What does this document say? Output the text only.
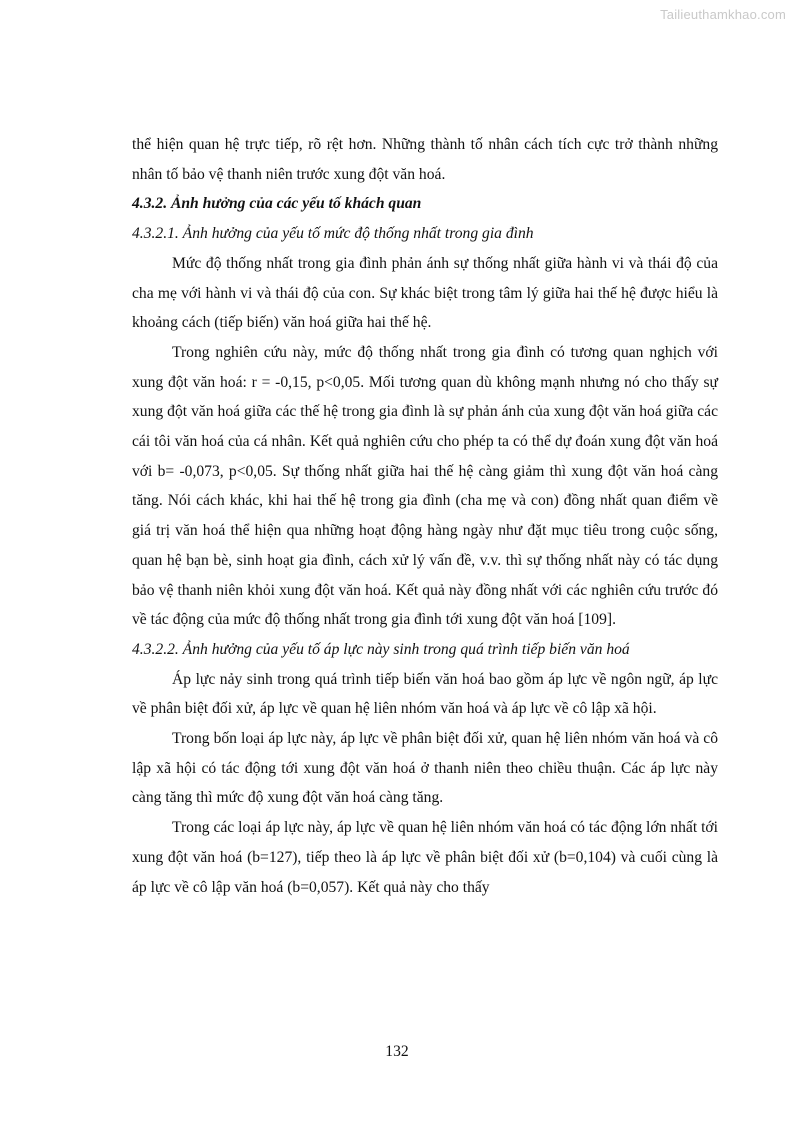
Tailieuthamkhao.com

thể hiện quan hệ trực tiếp, rõ rệt hơn. Những thành tố nhân cách tích cực trở thành những nhân tố bảo vệ thanh niên trước xung đột văn hoá.

4.3.2. Ảnh hưởng của các yếu tố khách quan

4.3.2.1. Ảnh hưởng của yếu tố mức độ thống nhất trong gia đình

Mức độ thống nhất trong gia đình phản ánh sự thống nhất giữa hành vi và thái độ của cha mẹ với hành vi và thái độ của con. Sự khác biệt trong tâm lý giữa hai thế hệ được hiểu là khoảng cách (tiếp biến) văn hoá giữa hai thế hệ.

Trong nghiên cứu này, mức độ thống nhất trong gia đình có tương quan nghịch với xung đột văn hoá: r = -0,15, p<0,05. Mối tương quan dù không mạnh nhưng nó cho thấy sự xung đột văn hoá giữa các thế hệ trong gia đình là sự phản ánh của xung đột văn hoá giữa các cái tôi văn hoá của cá nhân. Kết quả nghiên cứu cho phép ta có thể dự đoán xung đột văn hoá với b= -0,073, p<0,05. Sự thống nhất giữa hai thế hệ càng giảm thì xung đột văn hoá càng tăng. Nói cách khác, khi hai thế hệ trong gia đình (cha mẹ và con) đồng nhất quan điểm về giá trị văn hoá thể hiện qua những hoạt động hàng ngày như đặt mục tiêu trong cuộc sống, quan hệ bạn bè, sinh hoạt gia đình, cách xử lý vấn đề, v.v. thì sự thống nhất này có tác dụng bảo vệ thanh niên khỏi xung đột văn hoá. Kết quả này đồng nhất với các nghiên cứu trước đó về tác động của mức độ thống nhất trong gia đình tới xung đột văn hoá [109].

4.3.2.2. Ảnh hưởng của yếu tố áp lực này sinh trong quá trình tiếp biến văn hoá

Áp lực nảy sinh trong quá trình tiếp biến văn hoá bao gồm áp lực về ngôn ngữ, áp lực về phân biệt đối xử, áp lực về quan hệ liên nhóm văn hoá và áp lực về cô lập xã hội.

Trong bốn loại áp lực này, áp lực về phân biệt đối xử, quan hệ liên nhóm văn hoá và cô lập xã hội có tác động tới xung đột văn hoá ở thanh niên theo chiều thuận. Các áp lực này càng tăng thì mức độ xung đột văn hoá càng tăng.

Trong các loại áp lực này, áp lực về quan hệ liên nhóm văn hoá có tác động lớn nhất tới xung đột văn hoá (b=127), tiếp theo là áp lực về phân biệt đối xử (b=0,104) và cuối cùng là áp lực về cô lập văn hoá (b=0,057). Kết quả này cho thấy

132
